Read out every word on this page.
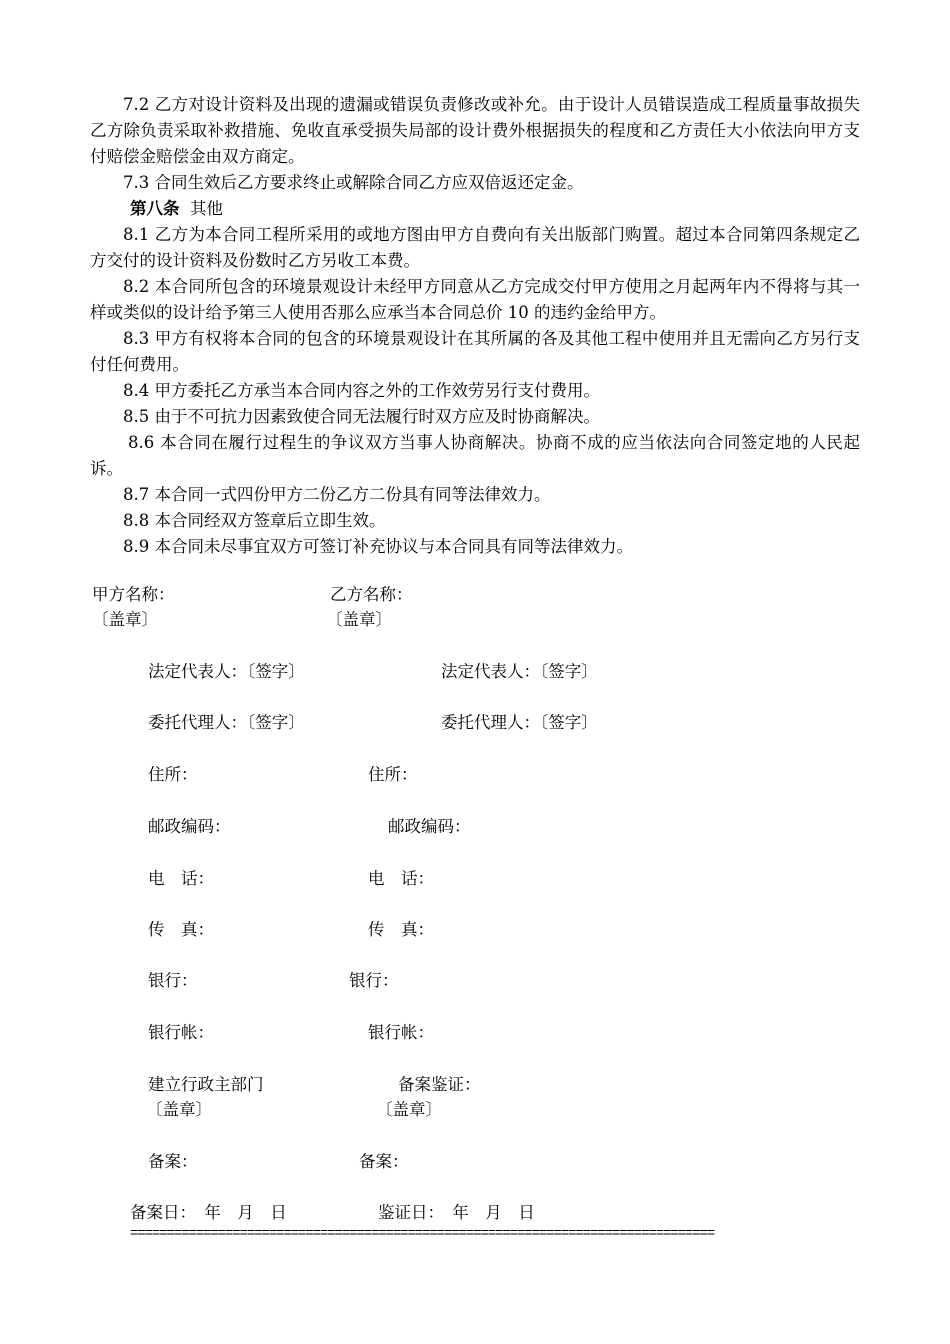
7.2 乙方对设计资料及出现的遗漏或错误负责修改或补允。由于设计人员错误造成工程质量事故损失乙方除负责采取补救措施、免收直承受损失局部的设计费外根据损失的程度和乙方责任大小依法向甲方支付赔偿金赔偿金由双方商定。

7.3 合同生效后乙方要求终止或解除合同乙方应双倍返还定金。

第八条 其他

8.1 乙方为本合同工程所采用的或地方图由甲方自费向有关出版部门购置。超过本合同第四条规定乙方交付的设计资料及份数时乙方另收工本费。

8.2 本合同所包含的环境景观设计未经甲方同意从乙方完成交付甲方使用之月起两年内不得将与其一样或类似的设计给予第三人使用否那么应承当本合同总价 10 的违约金给甲方。

8.3 甲方有权将本合同的包含的环境景观设计在其所属的各及其他工程中使用并且无需向乙方另行支付任何费用。

8.4 甲方委托乙方承当本合同内容之外的工作效劳另行支付费用。

8.5 由于不可抗力因素致使合同无法履行时双方应及时协商解决。

8.6 本合同在履行过程生的争议双方当事人协商解决。协商不成的应当依法向合同签定地的人民起诉。

8.7 本合同一式四份甲方二份乙方二份具有同等法律效力。

8.8 本合同经双方签章后立即生效。

8.9 本合同未尽事宜双方可签订补充协议与本合同具有同等法律效力。

甲方名称：
〔盖章〕
乙方名称：
〔盖章〕
法定代表人：〔签字〕	法定代表人：〔签字〕
委托代理人：〔签字〕	委托代理人：〔签字〕
住所：	住所：
邮政编码：	邮政编码：
电　话：	电　话：
传　真：	传　真：
银行：	银行：
银行帐：	银行帐：
建立行政主部门
〔盖章〕
备案鉴证：
〔盖章〕
备案：	备案：
备案日：　年　月　日	鉴证日：　年　月　日
================================================================================
